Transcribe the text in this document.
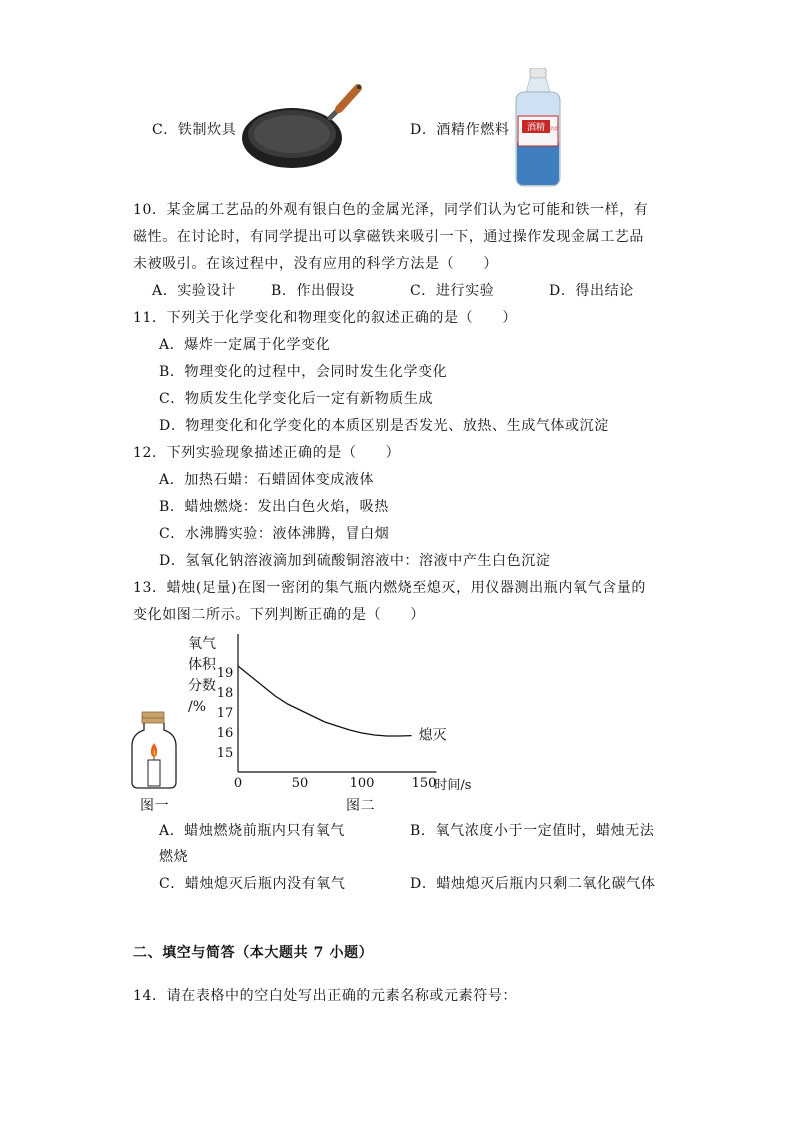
C．铁制炊具	D．酒精作燃料 酒精 消毒
10．某金属工艺品的外观有银白色的金属光泽，同学们认为它可能和铁一样，有
磁性。在讨论时，有同学提出可以拿磁铁来吸引一下，通过操作发现金属工艺品
未被吸引。在该过程中，没有应用的科学方法是（　　）
A．实验设计	B．作出假设	C．进行实验	D．得出结论
11．下列关于化学变化和物理变化的叙述正确的是（　　）
A．爆炸一定属于化学变化
B．物理变化的过程中，会同时发生化学变化
C．物质发生化学变化后一定有新物质生成
D．物理变化和化学变化的本质区别是否发光、放热、生成气体或沉淀
12．下列实验现象描述正确的是（　　）
A．加热石蜡：石蜡固体变成液体
B．蜡烛燃烧：发出白色火焰，吸热
C．水沸腾实验：液体沸腾，冒白烟
D．氢氧化钠溶液滴加到硫酸铜溶液中：溶液中产生白色沉淀
13．蜡烛(足量)在图一密闭的集气瓶内燃烧至熄灭，用仪器测出瓶内氧气含量的
变化如图二所示。下列判断正确的是（　　）
图一
氧气
体积
分数
/%
15
16
17
18
19
0	50	100	150
时间/s
熄灭
图二
A．蜡烛燃烧前瓶内只有氧气	B．氧气浓度小于一定值时，蜡烛无法
燃烧
C．蜡烛熄灭后瓶内没有氧气	D．蜡烛熄灭后瓶内只剩二氧化碳气体
二、填空与简答（本大题共 7 小题）
14．请在表格中的空白处写出正确的元素名称或元素符号：
